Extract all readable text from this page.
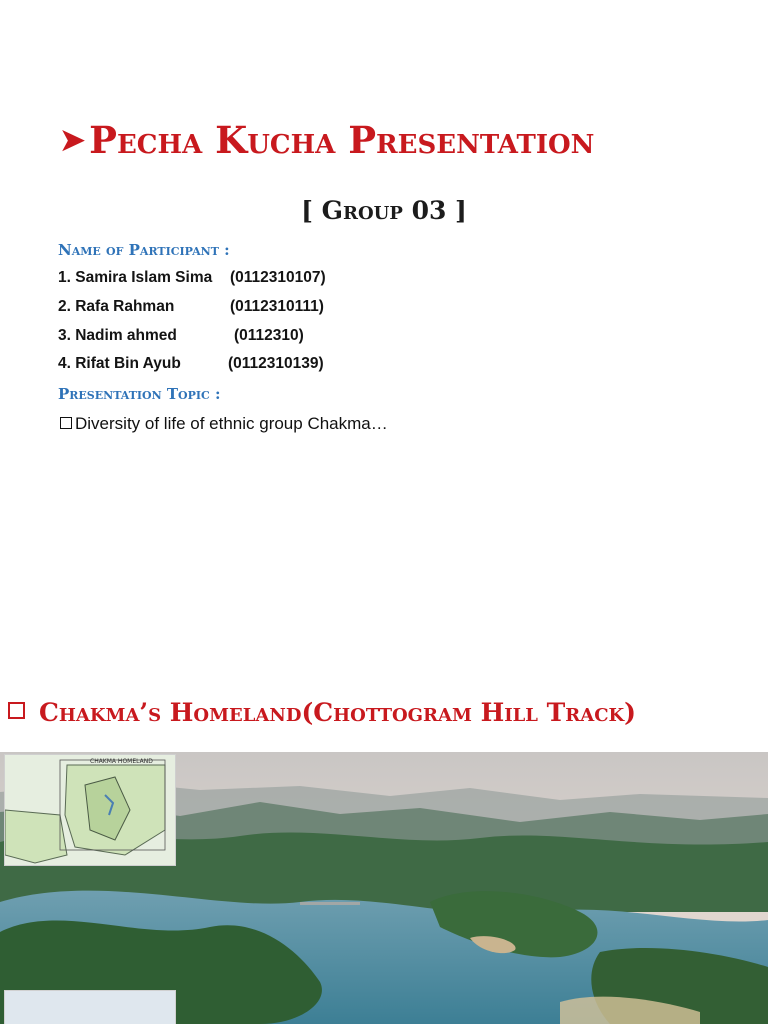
➤ Pecha Kucha Presentation
[ Group 03 ]
Name of Participant :
1. Samira Islam Sima (0112310107)
2. Rafa Rahman	(0112310111)
3. Nadim ahmed	(0112310)
4. Rifat Bin Ayub	(0112310139)
Presentation Topic :
Diversity of life of ethnic group Chakma…
Chakma’s Homeland(Chottogram Hill Track)
CHAKMA HOMELAND
